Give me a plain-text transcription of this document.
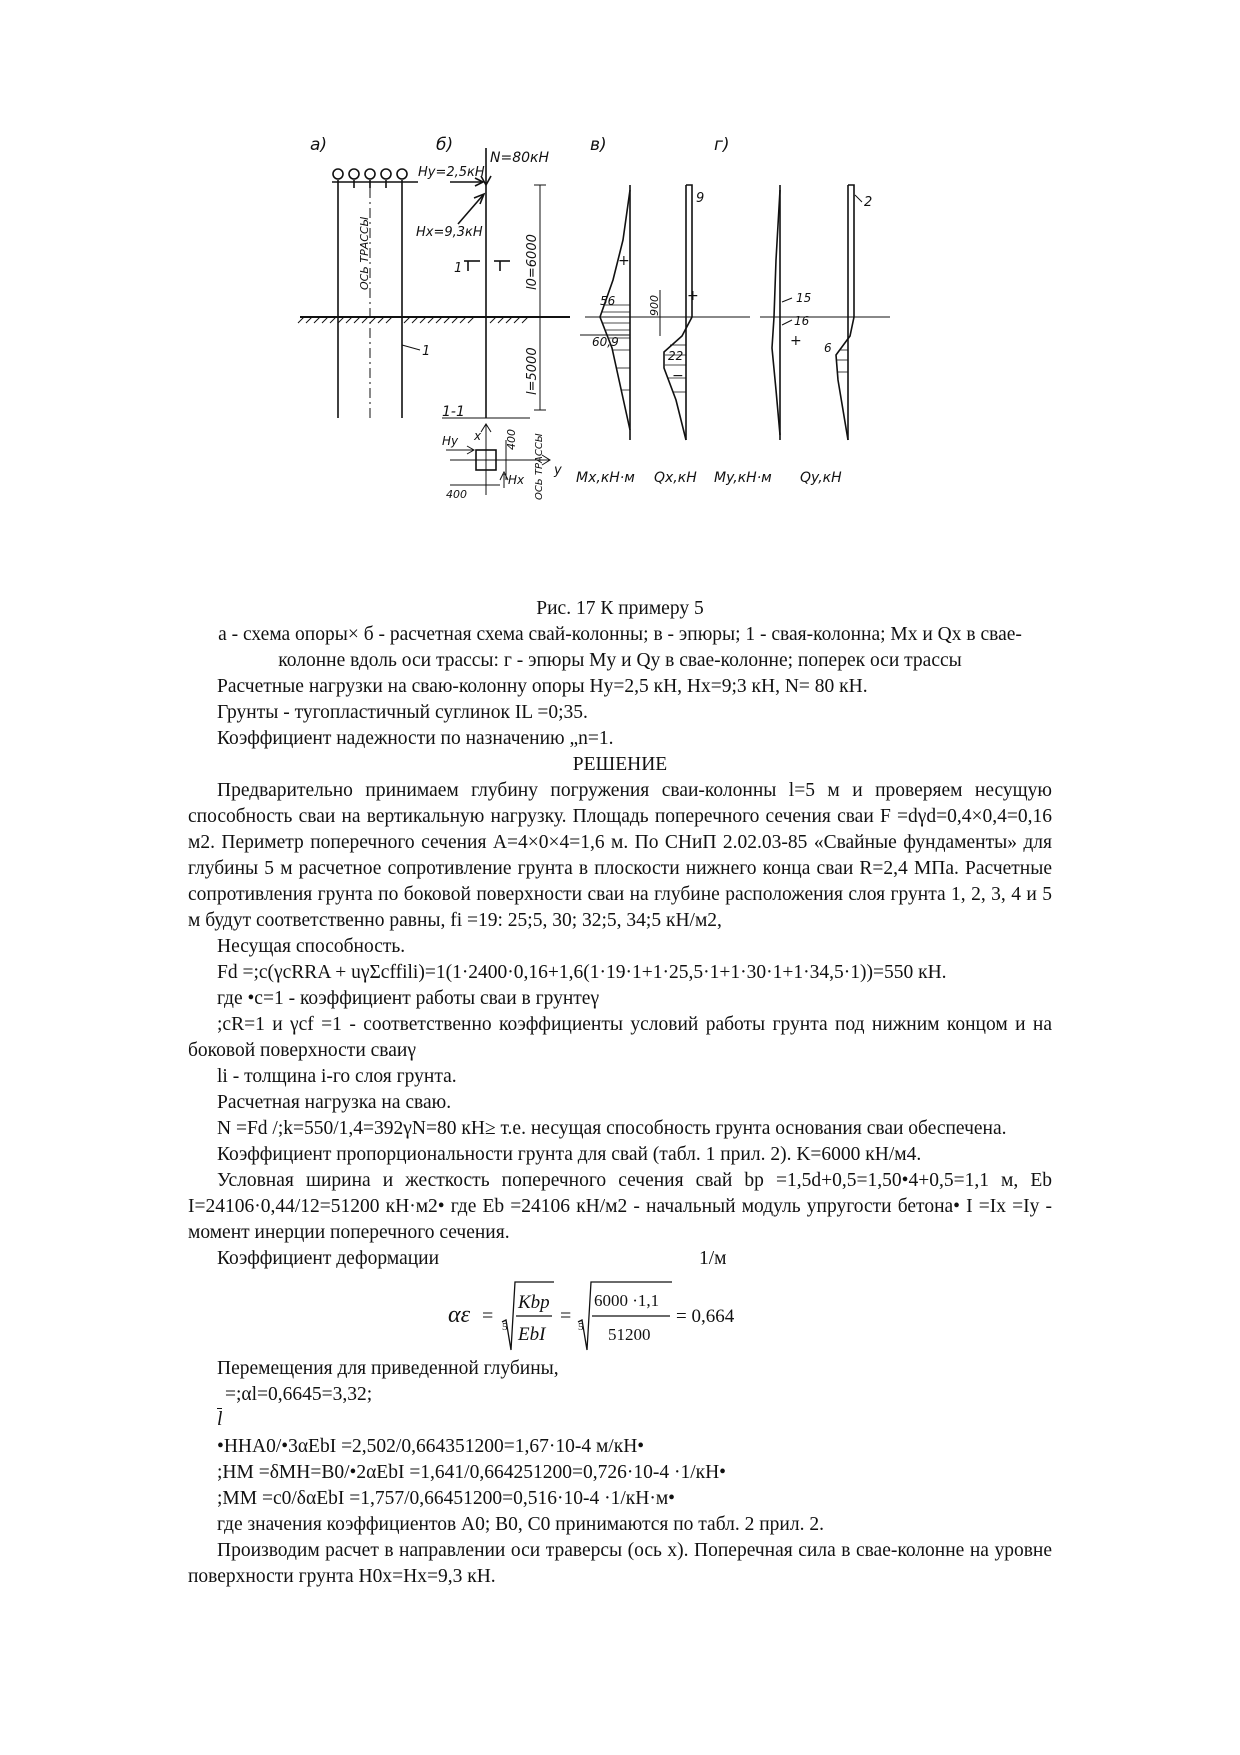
а)	б)	в)	г)
ОСЬ ТРАССЫ
1
N=80кН
Hy=2,5кН
Hx=9,3кН
1	l0=6000
l=5000
1-1
400
400
Hy
Hx
x
y
ОСЬ ТРАССЫ
9
56	900
60,9
22
+
+
−
15
16
+ 6
2
Mx,кН·м Qx,кН My,кН·м Qy,кН

Рис. 17 К примеру 5

а - схема опоры× б - расчетная схема свай-колонны; в - эпюры; 1 - свая-колонна; Mx и Qx в свае-колонне вдоль оси трассы: г - эпюры My и Qy в свае-колонне; поперек оси трассы

Расчетные нагрузки на сваю-колонну опоры Hy=2,5 кН, Hx=9;3 кН, N= 80 кН.

Грунты - тугопластичный суглинок IL =0;35.

Коэффициент надежности по назначению „n=1.

РЕШЕНИЕ

Предварительно принимаем глубину погружения сваи-колонны l=5 м и проверяем несущую способность сваи на вертикальную нагрузку. Площадь поперечного сечения сваи F =dγd=0,4×0,4=0,16 м2. Периметр поперечного сечения A=4×0×4=1,6 м. По СНиП 2.02.03-85 «Свайные фундаменты» для глубины 5 м расчетное сопротивление грунта в плоскости нижнего конца сваи R=2,4 МПа. Расчетные сопротивления грунта по боковой поверхности сваи на глубине расположения слоя грунта 1, 2, 3, 4 и 5 м будут соответственно равны, fi =19: 25;5, 30; 32;5, 34;5 кН/м2,

Несущая способность.

Fd =;c(γcRRA + uγΣcffili)=1(1·2400·0,16+1,6(1·19·1+1·25,5·1+1·30·1+1·34,5·1))=550 кН.

где •c=1 - коэффициент работы сваи в грунтеγ

;cR=1 и γcf =1 - соответственно коэффициенты условий работы грунта под нижним концом и на боковой поверхности сваиγ

li - толщина i-го слоя грунта.

Расчетная нагрузка на сваю.

N =Fd /;k=550/1,4=392γN=80 кН≥ т.е. несущая способность грунта основания сваи обеспечена.

Коэффициент пропорциональности грунта для свай (табл. 1 прил. 2). K=6000 кН/м4.

Условная ширина и жесткость поперечного сечения свай bp =1,5d+0,5=1,50•4+0,5=1,1 м, Eb I=24106·0,44/12=51200 кН·м2• где Eb =24106 кН/м2 - начальный модуль упругости бетона• I =Ix =Iy - момент инерции поперечного сечения.

Коэффициент деформации	1/м

αε = 5
Kbp
EbI
= 5
6000 ·1,1
51200
= 0,664

Перемещения для приведенной глубины,

=;αl=0,6645=3,32;
l

•HHA0/•3αEbI =2,502/0,664351200=1,67·10-4 м/кН•

;HM =δMH=B0/•2αEbI =1,641/0,664251200=0,726·10-4 ·1/кН•

;MM =c0/δαEbI =1,757/0,66451200=0,516·10-4 ·1/кН·м•

где значения коэффициентов A0; B0, C0 принимаются по табл. 2 прил. 2.

Производим расчет в направлении оси траверсы (ось x). Поперечная сила в свае-колонне на уровне поверхности грунта H0x=Hx=9,3 кН.
